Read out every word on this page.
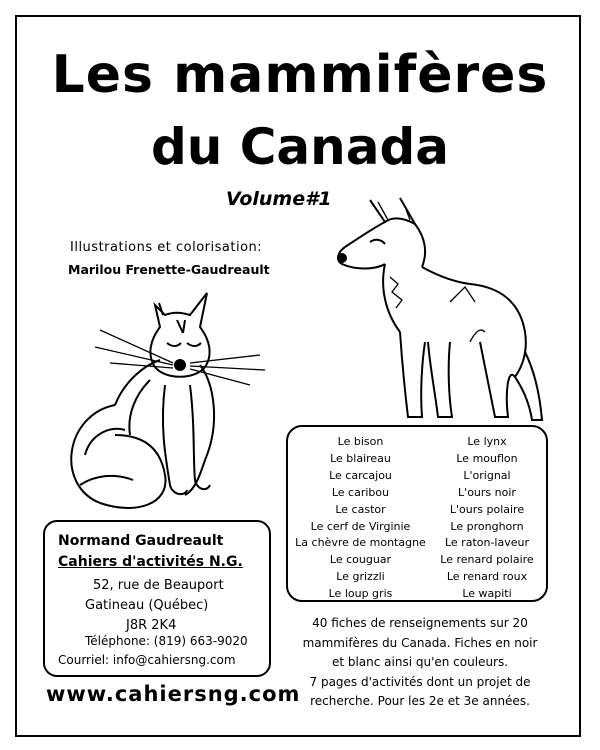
Les mammifères
du Canada
Volume#1
Illustrations et colorisation:
Marilou Frenette-Gaudreault
Le bison
Le blaireau
Le carcajou
Le caribou
Le castor
Le cerf de Virginie
La chèvre de montagne
Le couguar
Le grizzli
Le loup gris
Le lynx
Le mouflon
L'orignal
L'ours noir
L'ours polaire
Le pronghorn
Le raton-laveur
Le renard polaire
Le renard roux
Le wapiti
Normand Gaudreault
Cahiers d'activités N.G.
52, rue de Beauport
Gatineau (Québec)
J8R 2K4
Téléphone: (819) 663-9020
Courriel: info@cahiersng.com
www.cahiersng.com
40 fiches de renseignements sur 20
mammifères du Canada. Fiches en noir
et blanc ainsi qu'en couleurs.
7 pages d'activités dont un projet de
recherche. Pour les 2e et 3e années.
